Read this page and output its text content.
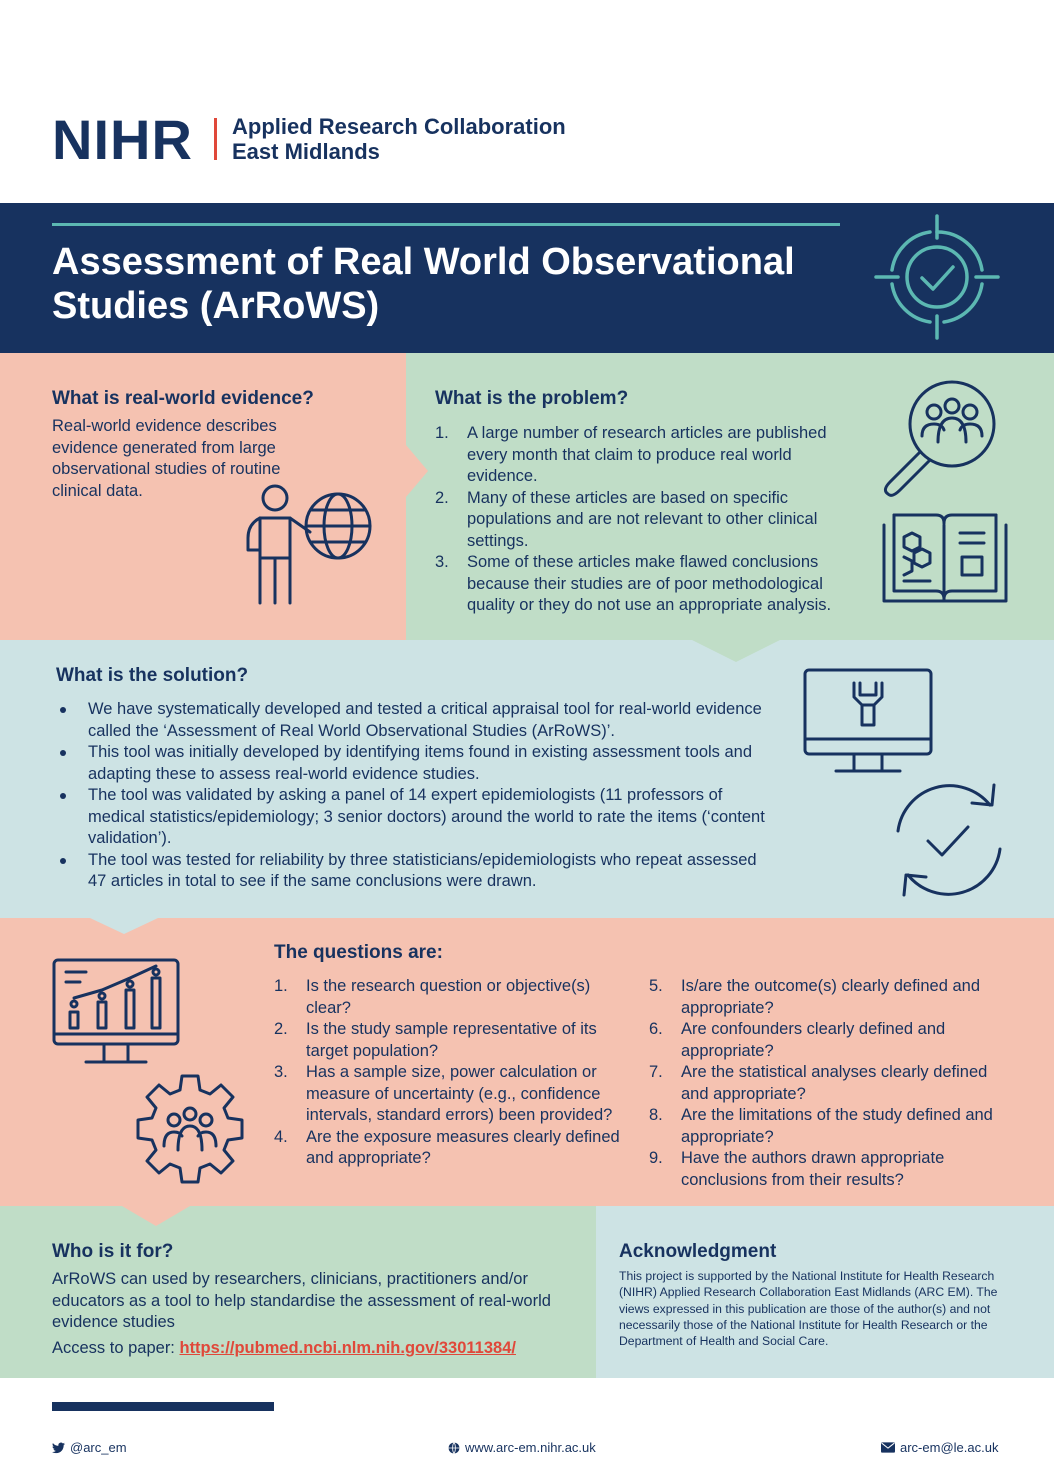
NIHR Applied Research Collaboration
East Midlands
Assessment of Real World Observational
Studies (ArRoWS)
What is real-world evidence?

Real-world evidence describes evidence generated from large observational studies of routine clinical data.

What is the problem?
1. A large number of research articles are published every month that claim to produce real world evidence.
2. Many of these articles are based on specific populations and are not relevant to other clinical settings.
3. Some of these articles make flawed conclusions because their studies are of poor methodological quality or they do not use an appropriate analysis.
What is the solution?
We have systematically developed and tested a critical appraisal tool for real-world evidence called the ‘Assessment of Real World Observational Studies (ArRoWS)’.
This tool was initially developed by identifying items found in existing assessment tools and adapting these to assess real-world evidence studies.
The tool was validated by asking a panel of 14 expert epidemiologists (11 professors of medical statistics/epidemiology; 3 senior doctors) around the world to rate the items (‘content validation’).
The tool was tested for reliability by three statisticians/epidemiologists who repeat assessed 47 articles in total to see if the same conclusions were drawn.
The questions are:
1. Is the research question or objective(s) clear?
2. Is the study sample representative of its target population?
3. Has a sample size, power calculation or measure of uncertainty (e.g., confidence intervals, standard errors) been provided?
4. Are the exposure measures clearly defined and appropriate?
5. Is/are the outcome(s) clearly defined and appropriate?
6. Are confounders clearly defined and appropriate?
7. Are the statistical analyses clearly defined and appropriate?
8. Are the limitations of the study defined and appropriate?
9. Have the authors drawn appropriate conclusions from their results?
Who is it for?

ArRoWS can used by researchers, clinicians, practitioners and/or educators as a tool to help standardise the assessment of real-world evidence studies

Access to paper: https://pubmed.ncbi.nlm.nih.gov/33011384/

Acknowledgment

This project is supported by the National Institute for Health Research (NIHR) Applied Research Collaboration East Midlands (ARC EM). The views expressed in this publication are those of the author(s) and not necessarily those of the National Institute for Health Research or the Department of Health and Social Care.

@arc_em	www.arc-em.nihr.ac.uk	arc-em@le.ac.uk
